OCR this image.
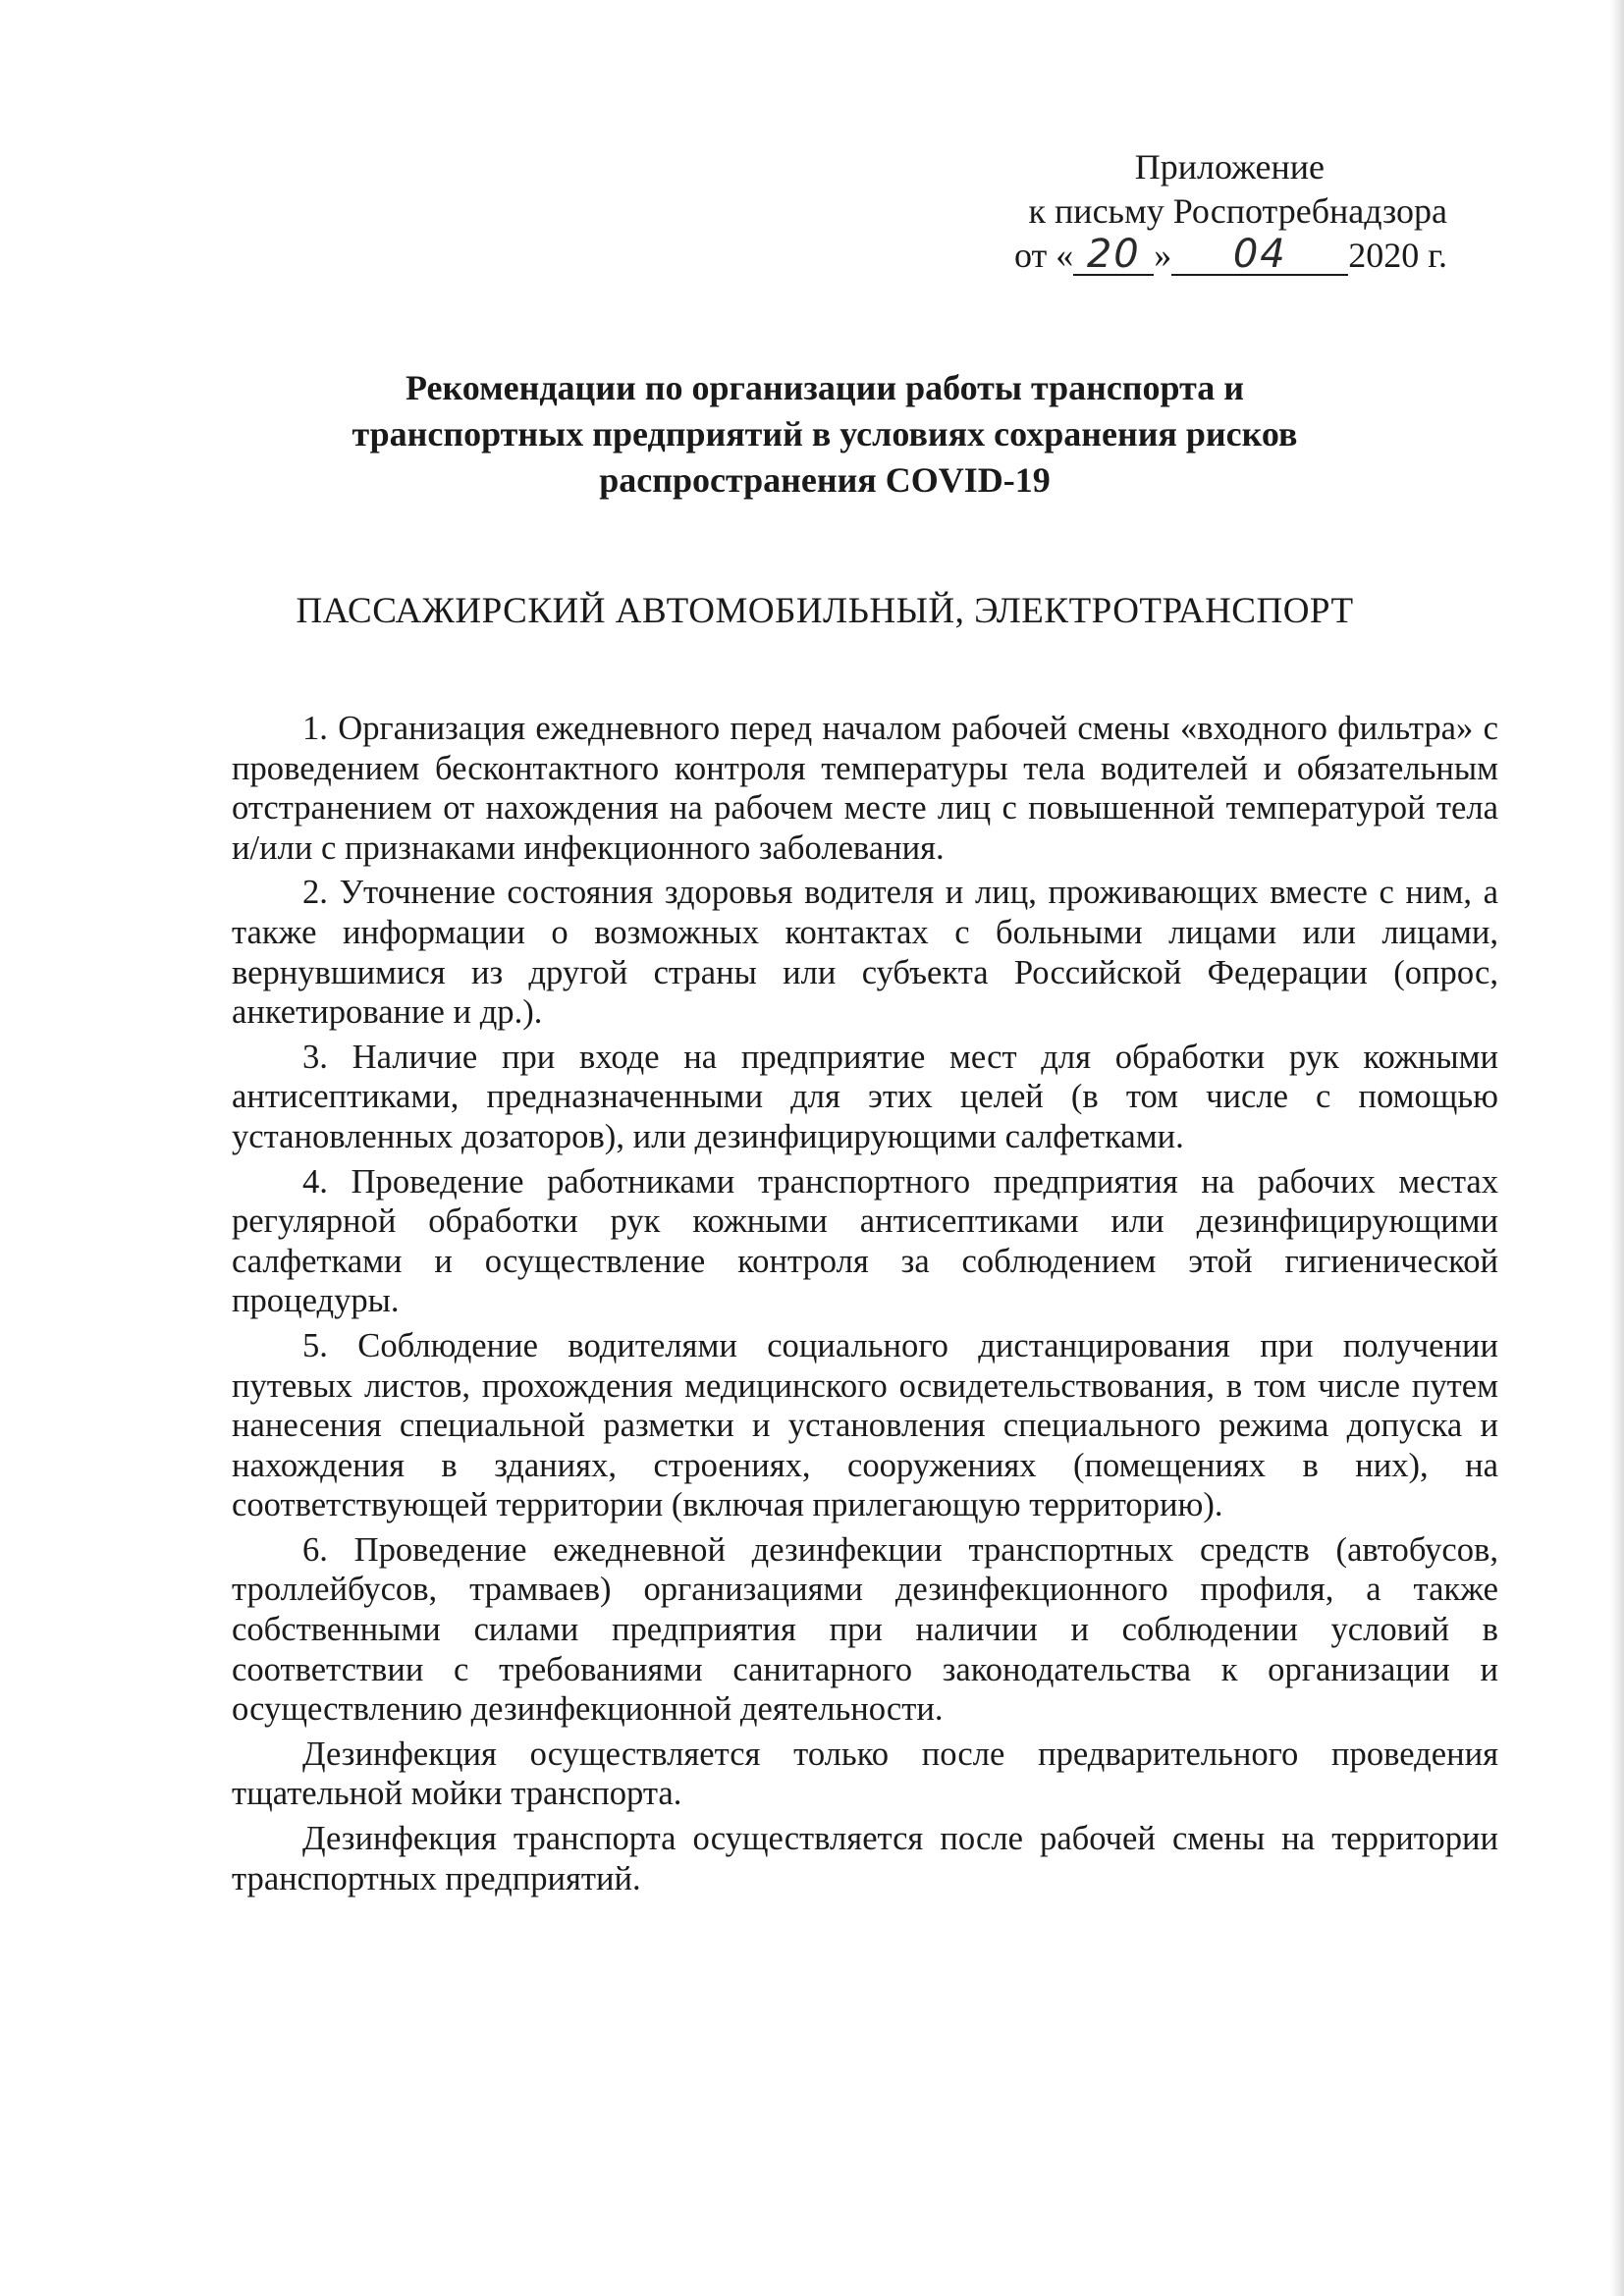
Приложение
к письму Роспотребнадзора
от « 20 » 04 2020 г.
Рекомендации по организации работы транспорта и
транспортных предприятий в условиях сохранения рисков
распространения COVID-19
ПАССАЖИРСКИЙ АВТОМОБИЛЬНЫЙ, ЭЛЕКТРОТРАНСПОРТ

1. Организация ежедневного перед началом рабочей смены «входного фильтра» с проведением бесконтактного контроля температуры тела водителей и обязательным отстранением от нахождения на рабочем месте лиц с повышенной температурой тела и/или с признаками инфекционного заболевания.

2. Уточнение состояния здоровья водителя и лиц, проживающих вместе с ним, а также информации о возможных контактах с больными лицами или лицами, вернувшимися из другой страны или субъекта Российской Федерации (опрос, анкетирование и др.).

3. Наличие при входе на предприятие мест для обработки рук кожными антисептиками, предназначенными для этих целей (в том числе с помощью установленных дозаторов), или дезинфицирующими салфетками.

4. Проведение работниками транспортного предприятия на рабочих местах регулярной обработки рук кожными антисептиками или дезинфицирующими салфетками и осуществление контроля за соблюдением этой гигиенической процедуры.

5. Соблюдение водителями социального дистанцирования при получении путевых листов, прохождения медицинского освидетельствования, в том числе путем нанесения специальной разметки и установления специального режима допуска и нахождения в зданиях, строениях, сооружениях (помещениях в них), на соответствующей территории (включая прилегающую территорию).

6. Проведение ежедневной дезинфекции транспортных средств (автобусов, троллейбусов, трамваев) организациями дезинфекционного профиля, а также собственными силами предприятия при наличии и соблюдении условий в соответствии с требованиями санитарного законодательства к организации и осуществлению дезинфекционной деятельности.

Дезинфекция осуществляется только после предварительного проведения тщательной мойки транспорта.

Дезинфекция транспорта осуществляется после рабочей смены на территории транспортных предприятий.
